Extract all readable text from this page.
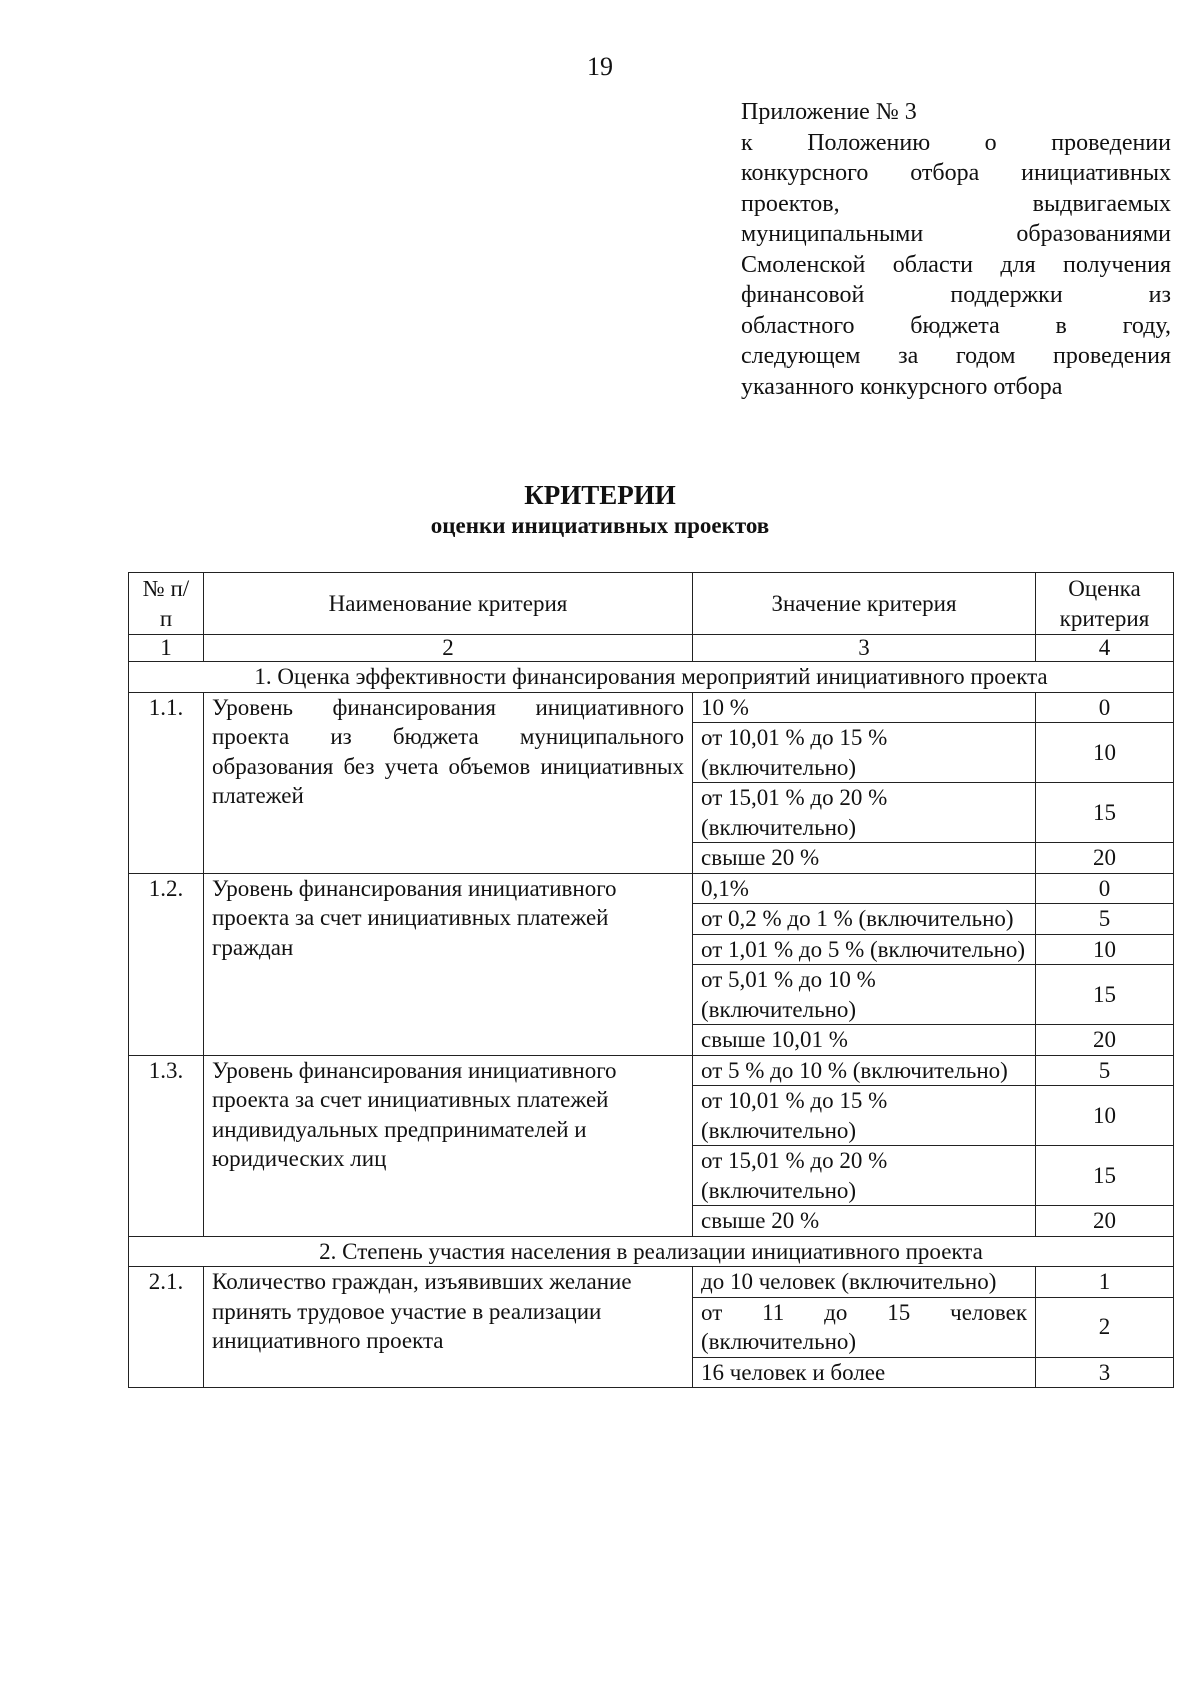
19
Приложение № 3
к Положению о проведении
конкурсного отбора инициативных
проектов, выдвигаемых
муниципальными образованиями
Смоленской области для получения
финансовой поддержки из
областного бюджета в году,
следующем за годом проведения
указанного конкурсного отбора
КРИТЕРИИ
оценки инициативных проектов
№ п/п	Наименование критерия	Значение критерия	Оценка критерия
1	2	3	4
1. Оценка эффективности финансирования мероприятий инициативного проекта			
1.1.	Уровень финансирования инициативного проекта из бюджета муниципального образования без учета объемов инициативных платежей	10 %	0
		от 10,01 % до 15 % (включительно)	10
		от 15,01 % до 20 % (включительно)	15
		свыше 20 %	20
1.2.	Уровень финансирования инициативного проекта за счет инициативных платежей граждан	0,1%	0
		от 0,2 % до 1 % (включительно)	5
		от 1,01 % до 5 % (включительно)	10
		от 5,01 % до 10 % (включительно)	15
		свыше 10,01 %	20
1.3.	Уровень финансирования инициативного проекта за счет инициативных платежей индивидуальных предпринимателей и юридических лиц	от 5 % до 10 % (включительно)	5
		от 10,01 % до 15 % (включительно)	10
		от 15,01 % до 20 % (включительно)	15
		свыше 20 %	20
2. Степень участия населения в реализации инициативного проекта			
2.1.	Количество граждан, изъявивших желание принять трудовое участие в реализации инициативного проекта	до 10 человек (включительно)	1
		от 11 до 15 человек (включительно)	2
		16 человек и более	3
